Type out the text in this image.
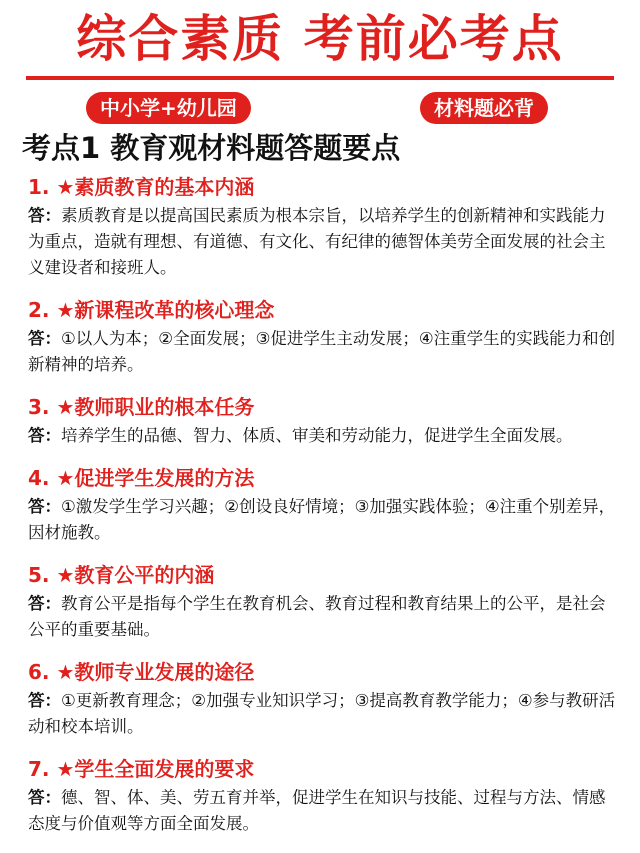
综合素质 考前必考点
中小学+幼儿园	材料题必背
考点1 教育观材料题答题要点
1. ★素质教育的基本内涵
答：素质教育是以提高国民素质为根本宗旨，以培养学生的创新精神和实践能力为重点，造就有理想、有道德、有文化、有纪律的德智体美劳全面发展的社会主义建设者和接班人。
2. ★新课程改革的核心理念
答：①以人为本；②全面发展；③促进学生主动发展；④注重学生的实践能力和创新精神的培养。
3. ★教师职业的根本任务
答：培养学生的品德、智力、体质、审美和劳动能力，促进学生全面发展。
4. ★促进学生发展的方法
答：①激发学生学习兴趣；②创设良好情境；③加强实践体验；④注重个别差异，因材施教。
5. ★教育公平的内涵
答：教育公平是指每个学生在教育机会、教育过程和教育结果上的公平，是社会公平的重要基础。
6. ★教师专业发展的途径
答：①更新教育理念；②加强专业知识学习；③提高教育教学能力；④参与教研活动和校本培训。
7. ★学生全面发展的要求
答：德、智、体、美、劳五育并举，促进学生在知识与技能、过程与方法、情感态度与价值观等方面全面发展。
